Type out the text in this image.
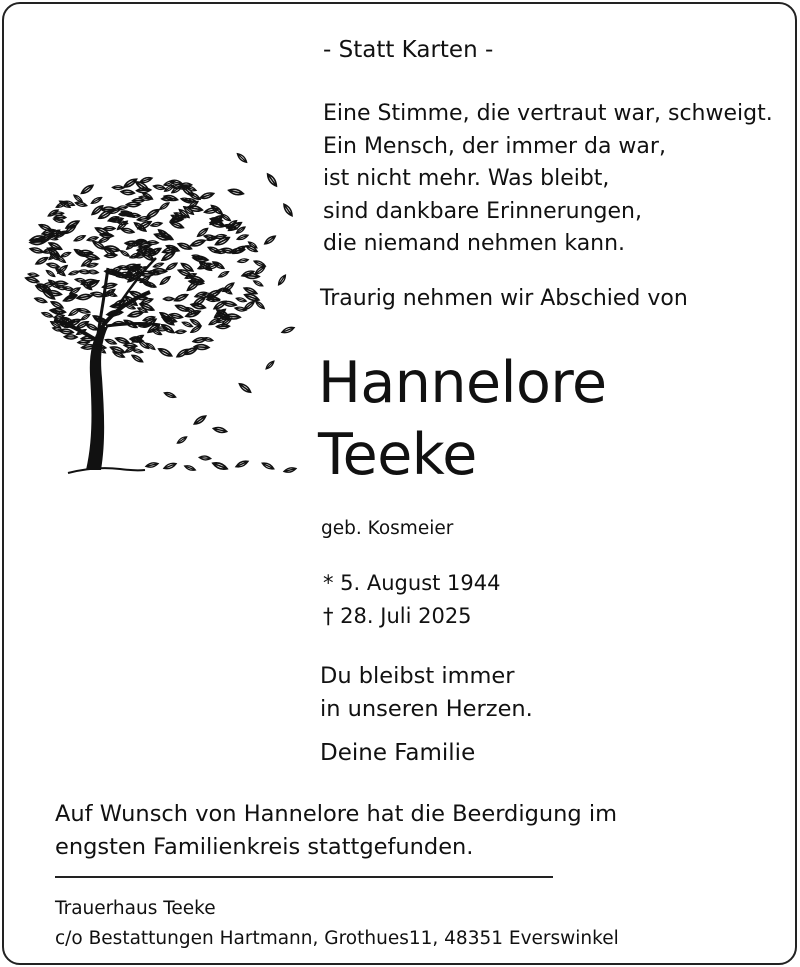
- Statt Karten -
Eine Stimme, die vertraut war, schweigt.
Ein Mensch, der immer da war,
ist nicht mehr. Was bleibt,
sind dankbare Erinnerungen,
die niemand nehmen kann.
Traurig nehmen wir Abschied von
Hannelore
Teeke
geb. Kosmeier
* 5. August 1944
† 28. Juli 2025
Du bleibst immer
in unseren Herzen.
Deine Familie
Auf Wunsch von Hannelore hat die Beerdigung im
engsten Familienkreis stattgefunden.
Trauerhaus Teeke
c/o Bestattungen Hartmann, Grothues11, 48351 Everswinkel
